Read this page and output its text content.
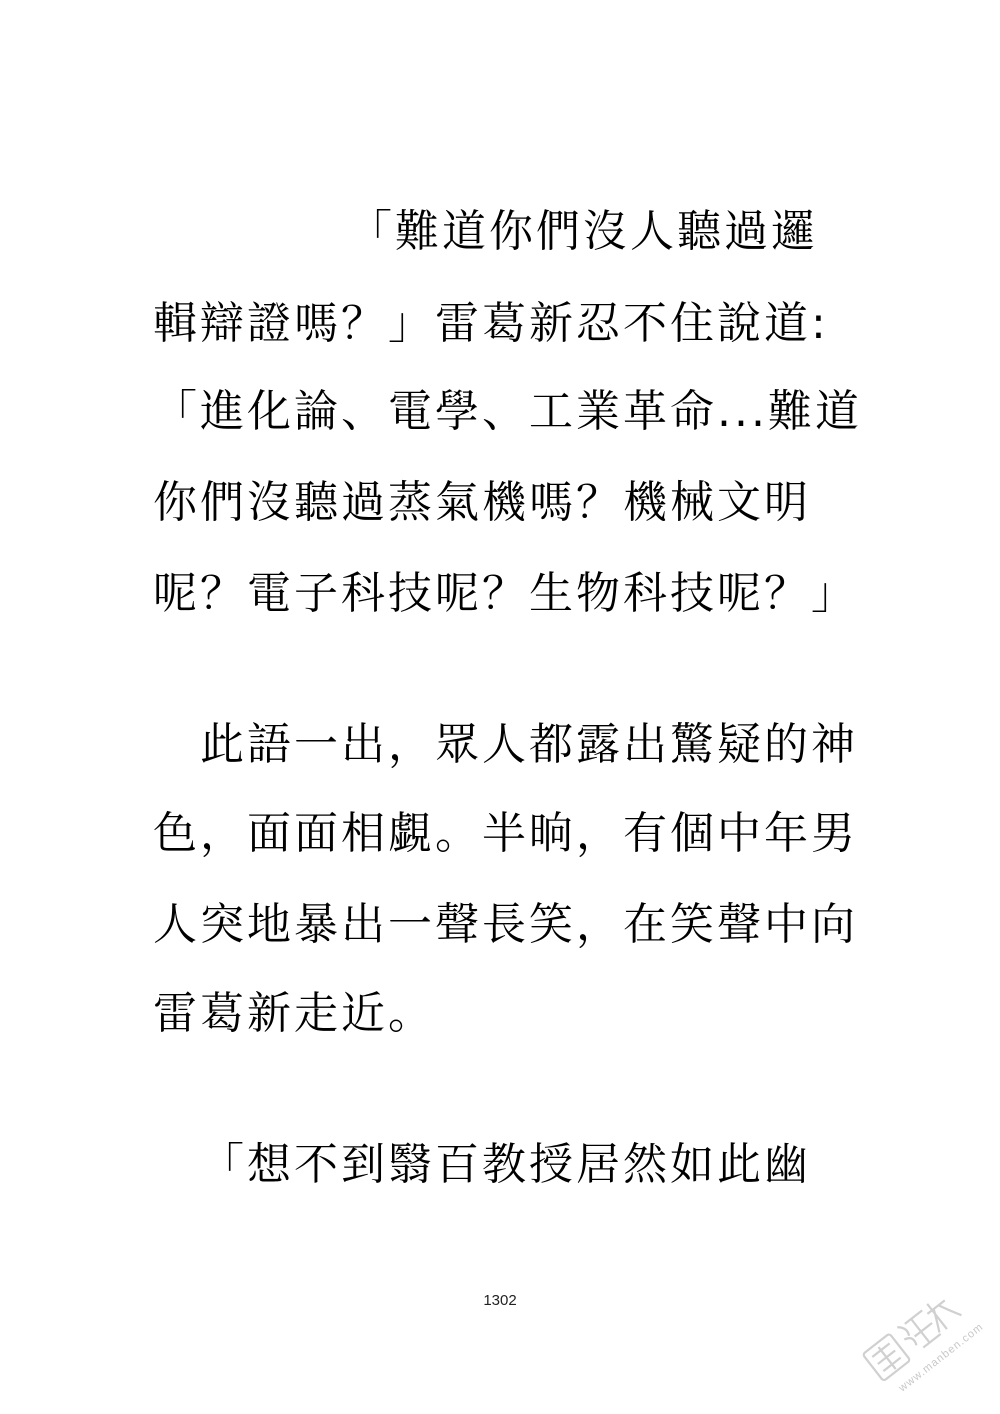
「難道你們沒人聽過邏
輯辯證嗎？」雷葛新忍不住說道:
「進化論、電學、工業革命...難道
你們沒聽過蒸氣機嗎？機械文明
呢？電子科技呢？生物科技呢？」
此語一出，眾人都露出驚疑的神
色，面面相覷。半晌，有個中年男
人突地暴出一聲長笑，在笑聲中向
雷葛新走近。
「想不到翳百教授居然如此幽
1302
www.manben.com
